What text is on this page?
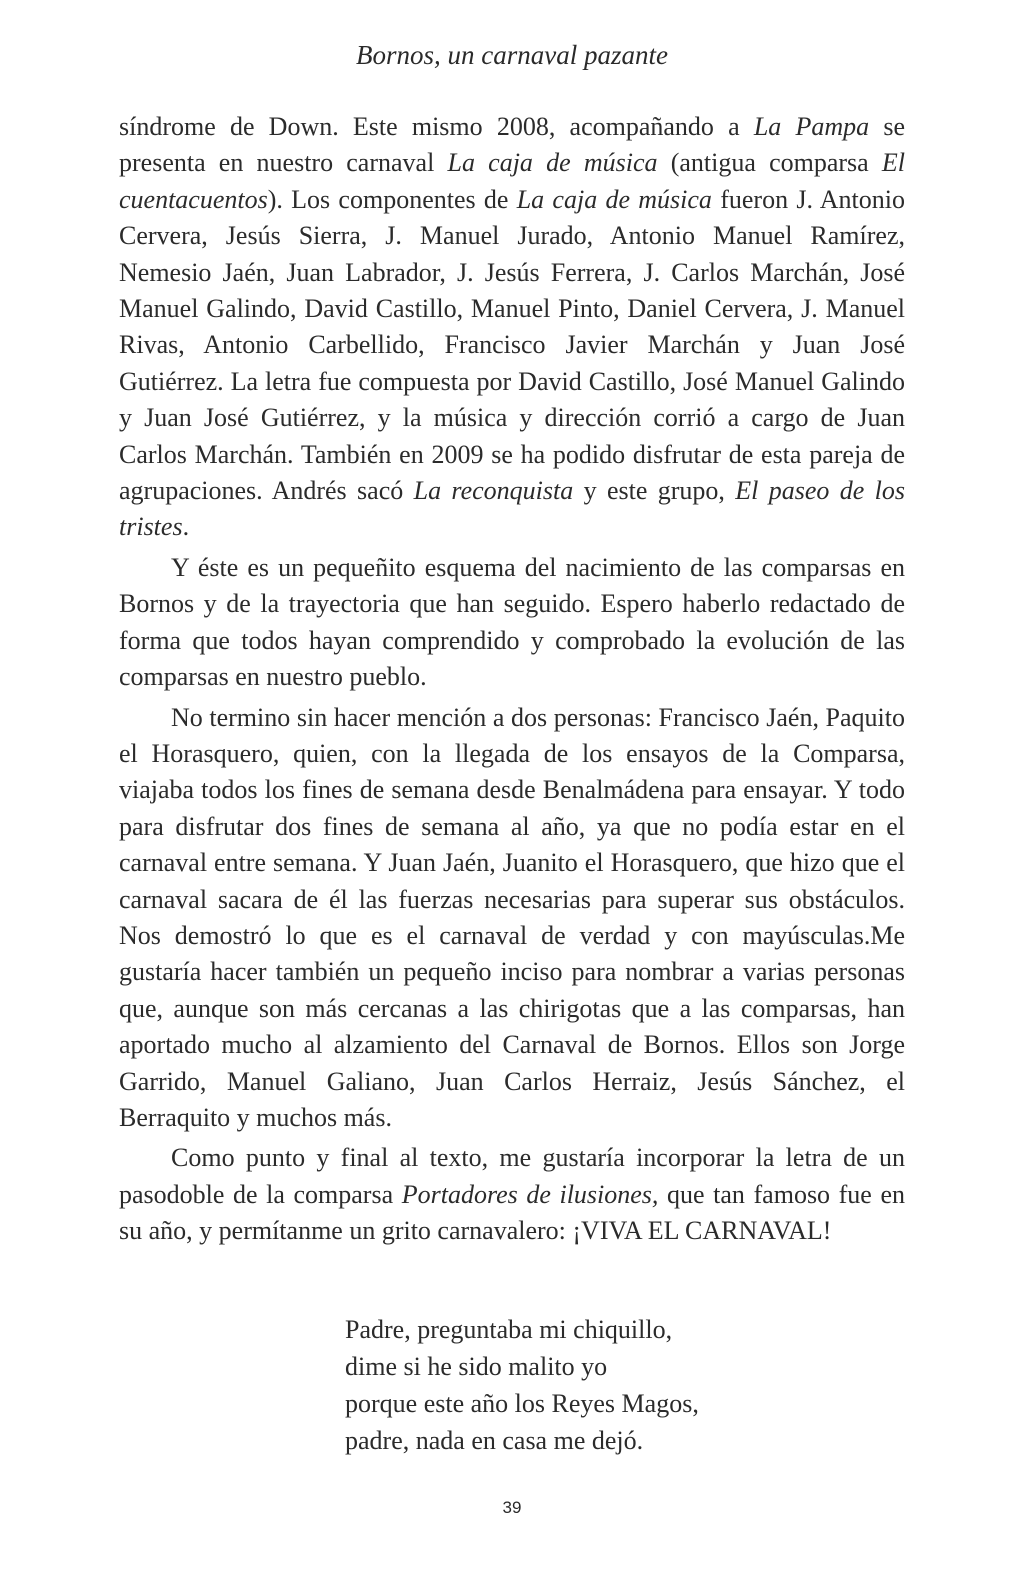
Bornos, un carnaval pazante

síndrome de Down. Este mismo 2008, acompañando a La Pampa se presenta en nuestro carnaval La caja de música (antigua comparsa El cuentacuentos). Los componentes de La caja de música fueron J. Antonio Cervera, Jesús Sierra, J. Manuel Jurado, Antonio Manuel Ramírez, Nemesio Jaén, Juan Labrador, J. Jesús Ferrera, J. Carlos Marchán, José Manuel Galindo, David Castillo, Manuel Pinto, Daniel Cervera, J. Manuel Rivas, Antonio Carbellido, Francisco Javier Marchán y Juan José Gutiérrez. La letra fue compuesta por David Castillo, José Manuel Galindo y Juan José Gutiérrez, y la música y dirección corrió a cargo de Juan Carlos Marchán. También en 2009 se ha podido disfrutar de esta pareja de agrupaciones. Andrés sacó La reconquista y este grupo, El paseo de los tristes.

Y éste es un pequeñito esquema del nacimiento de las comparsas en Bornos y de la trayectoria que han seguido. Espero haberlo redactado de forma que todos hayan comprendido y comprobado la evolución de las comparsas en nuestro pueblo.

No termino sin hacer mención a dos personas: Francisco Jaén, Paquito el Horasquero, quien, con la llegada de los ensayos de la Comparsa, viajaba todos los fines de semana desde Benalmádena para ensayar. Y todo para disfrutar dos fines de semana al año, ya que no podía estar en el carnaval entre semana. Y Juan Jaén, Juanito el Horasquero, que hizo que el carnaval sacara de él las fuerzas necesarias para superar sus obstáculos. Nos demostró lo que es el carnaval de verdad y con mayúsculas.Me gustaría hacer también un pequeño inciso para nombrar a varias personas que, aunque son más cercanas a las chirigotas que a las comparsas, han aportado mucho al alzamiento del Carnaval de Bornos. Ellos son Jorge Garrido, Manuel Galiano, Juan Carlos Herraiz, Jesús Sánchez, el Berraquito y muchos más.

Como punto y final al texto, me gustaría incorporar la letra de un pasodoble de la comparsa Portadores de ilusiones, que tan famoso fue en su año, y permítanme un grito carnavalero: ¡VIVA EL CARNAVAL!

Padre, preguntaba mi chiquillo,
dime si he sido malito yo
porque este año los Reyes Magos,
padre, nada en casa me dejó.
39
